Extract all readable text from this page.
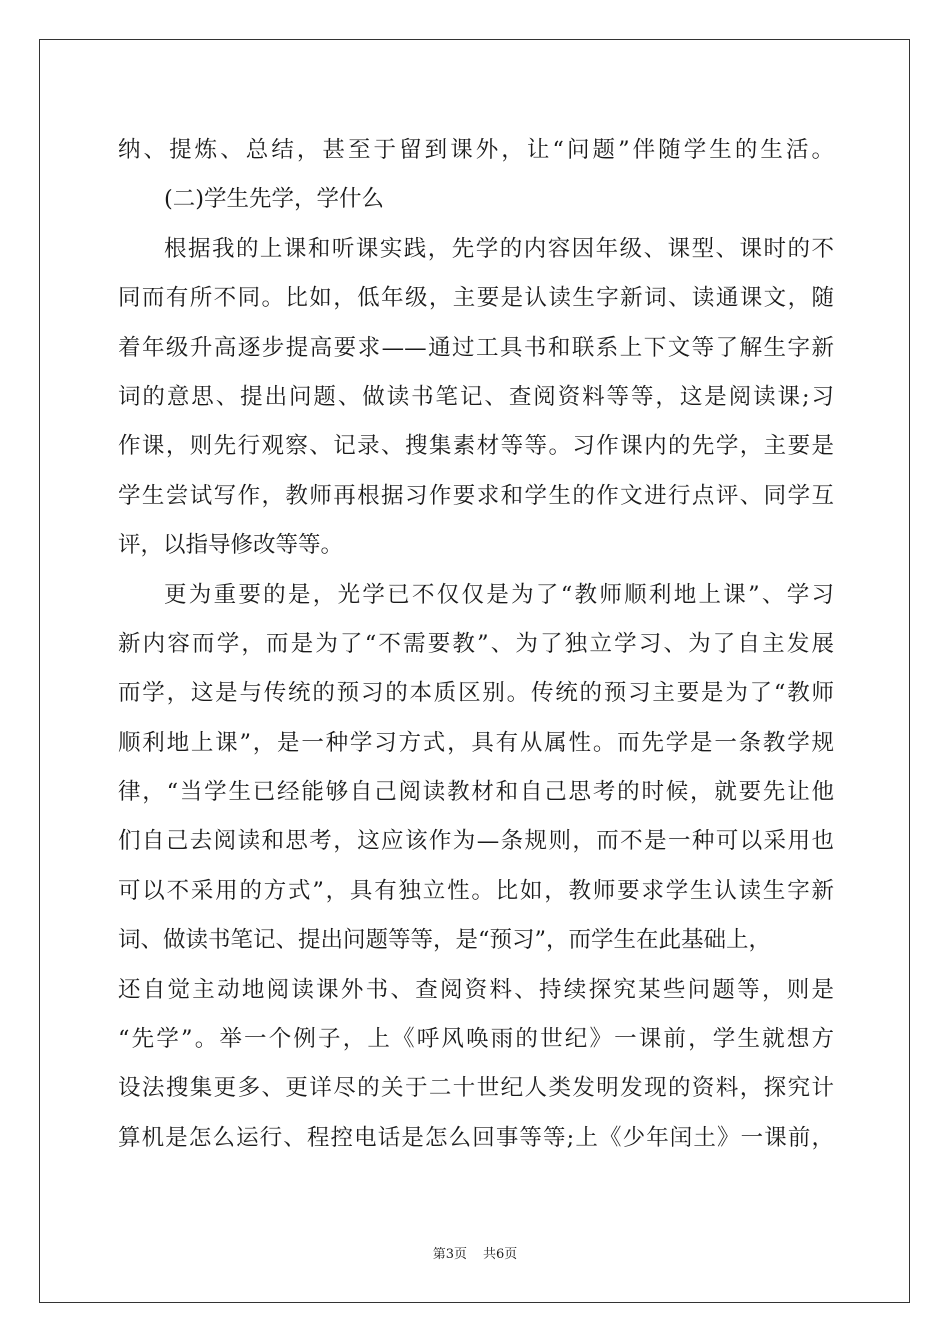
纳、提炼、总结，甚至于留到课外，让“问题”伴随学生的生活。
(二)学生先学，学什么
根据我的上课和听课实践，先学的内容因年级、课型、课时的不
同而有所不同。比如，低年级，主要是认读生字新词、读通课文，随
着年级升高逐步提高要求——通过工具书和联系上下文等了解生字新
词的意思、提出问题、做读书笔记、查阅资料等等，这是阅读课;习
作课，则先行观察、记录、搜集素材等等。习作课内的先学，主要是
学生尝试写作，教师再根据习作要求和学生的作文进行点评、同学互
评，以指导修改等等。
更为重要的是，光学已不仅仅是为了“教师顺利地上课”、学习
新内容而学，而是为了“不需要教”、为了独立学习、为了自主发展
而学，这是与传统的预习的本质区别。传统的预习主要是为了“教师
顺利地上课”，是一种学习方式，具有从属性。而先学是一条教学规
律，“当学生已经能够自己阅读教材和自己思考的时候，就要先让他
们自己去阅读和思考，这应该作为—条规则，而不是一种可以采用也
可以不采用的方式”，具有独立性。比如，教师要求学生认读生字新
词、做读书笔记、提出问题等等，是“预习”，而学生在此基础上，
还自觉主动地阅读课外书、查阅资料、持续探究某些问题等，则是
“先学”。举一个例子，上《呼风唤雨的世纪》一课前，学生就想方
设法搜集更多、更详尽的关于二十世纪人类发明发现的资料，探究计
算机是怎么运行、程控电话是怎么回事等等;上《少年闰土》一课前，
第3页 共6页
